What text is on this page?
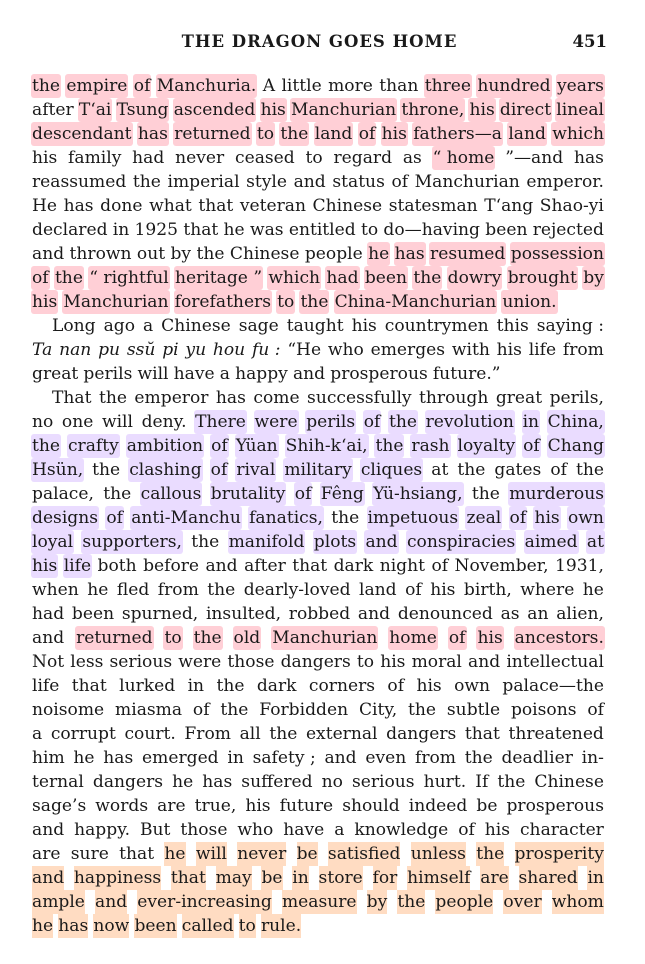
THE DRAGON GOES HOME	451
the empire of Manchuria. A little more than three hundred years
after T‘ai Tsung ascended his Manchurian throne, his direct lineal
descendant has returned to the land of his fathers—a land which
his family had never ceased to regard as “ home ”—and has
reassumed the imperial style and status of Manchurian emperor.
He has done what that veteran Chinese statesman T‘ang Shao-yi
declared in 1925 that he was entitled to do—having been rejected
and thrown out by the Chinese people he has resumed possession
of the “ rightful heritage ” which had been the dowry brought by
his Manchurian forefathers to the China-Manchurian union.
Long ago a Chinese sage taught his countrymen this saying :
Ta nan pu ssŭ pi yu hou fu : “He who emerges with his life from
great perils will have a happy and prosperous future.”
That the emperor has come successfully through great perils,
no one will deny. There were perils of the revolution in China,
the crafty ambition of Yüan Shih-k‘ai, the rash loyalty of Chang
Hsün, the clashing of rival military cliques at the gates of the
palace, the callous brutality of Fêng Yü-hsiang, the murderous
designs of anti-Manchu fanatics, the impetuous zeal of his own
loyal supporters, the manifold plots and conspiracies aimed at
his life both before and after that dark night of November, 1931,
when he fled from the dearly-loved land of his birth, where he
had been spurned, insulted, robbed and denounced as an alien,
and returned to the old Manchurian home of his ancestors.
Not less serious were those dangers to his moral and intellectual
life that lurked in the dark corners of his own palace—the
noisome miasma of the Forbidden City, the subtle poisons of
a corrupt court. From all the external dangers that threatened
him he has emerged in safety ; and even from the deadlier in-
ternal dangers he has suffered no serious hurt. If the Chinese
sage’s words are true, his future should indeed be prosperous
and happy. But those who have a knowledge of his character
are sure that he will never be satisfied unless the prosperity
and happiness that may be in store for himself are shared in
ample and ever-increasing measure by the people over whom
he has now been called to rule.
